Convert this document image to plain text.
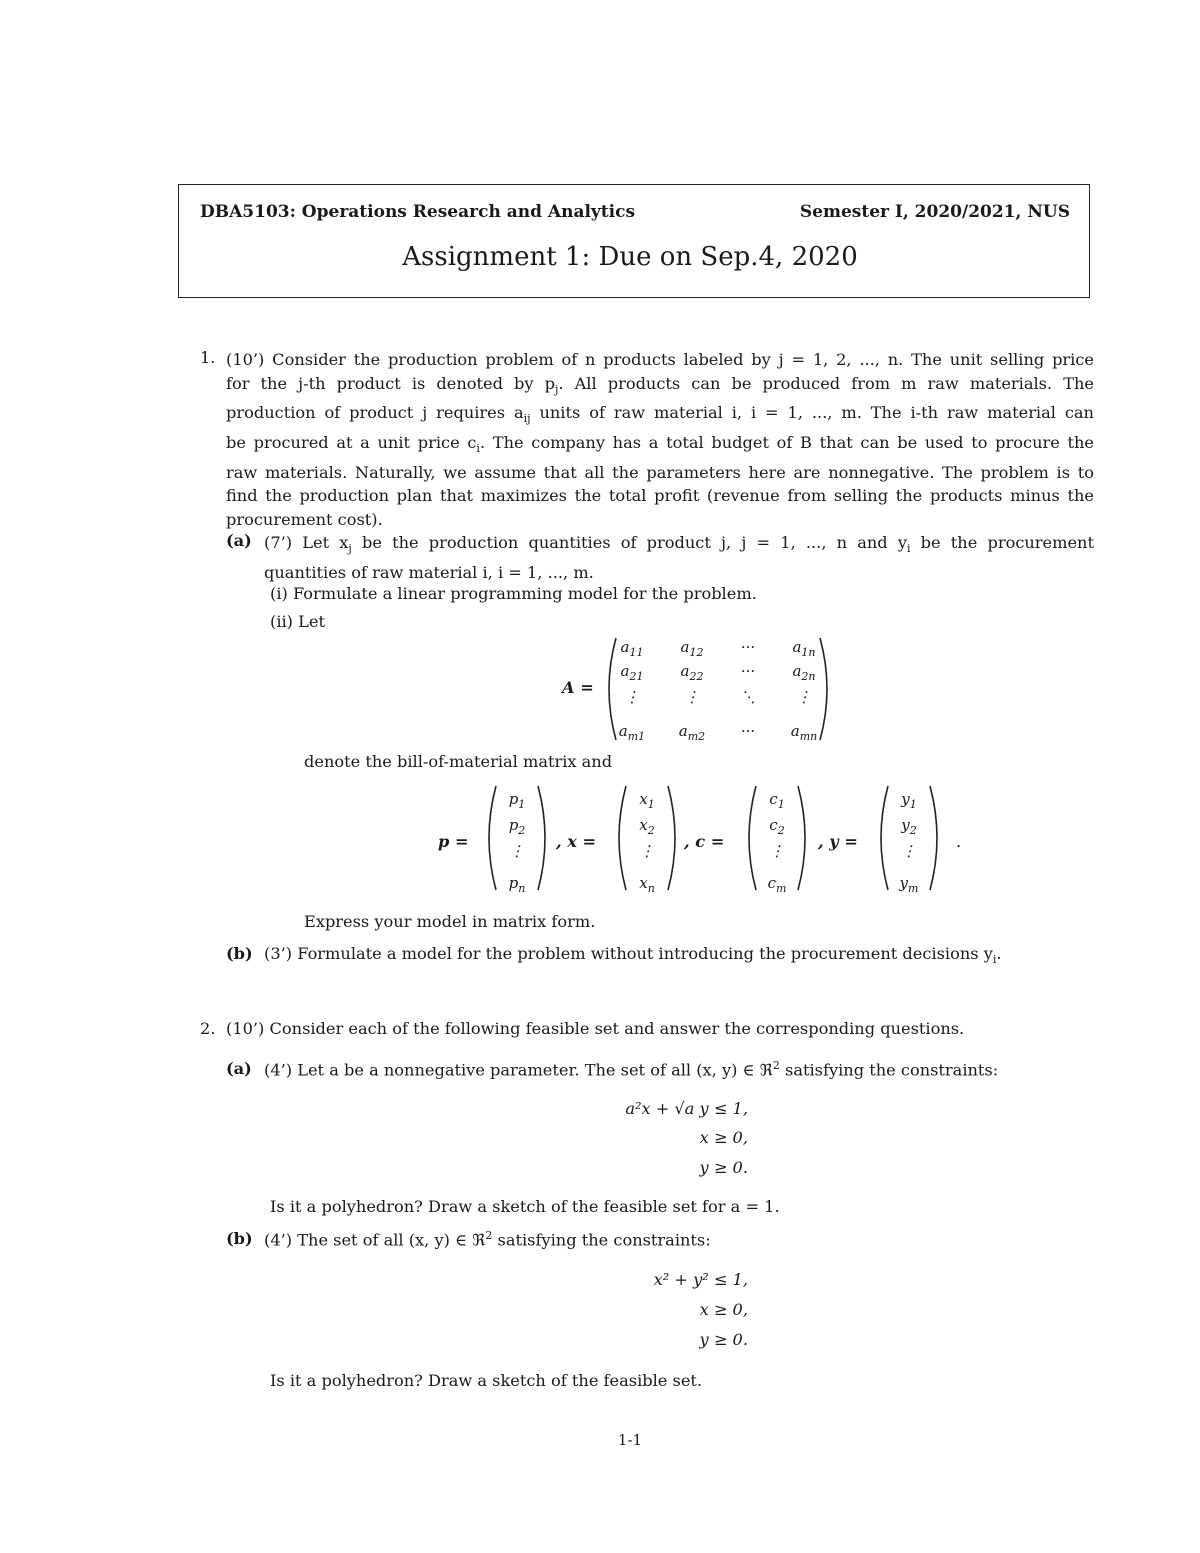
DBA5103: Operations Research and Analytics	Semester I, 2020/2021, NUS
Assignment 1: Due on Sep.4, 2020
1. (10’) Consider the production problem of n products labeled by j = 1, 2, ..., n. The unit selling price
for the j-th product is denoted by $p_j$. All products can be produced from m raw materials. The
production of product j requires $a_{ij}$ units of raw material i, i = 1, ..., m. The i-th raw material can
be procured at a unit price $c_i$. The company has a total budget of B that can be used to procure the
raw materials. Naturally, we assume that all the parameters here are nonnegative. The problem is to
find the production plan that maximizes the total profit (revenue from selling the products minus the
procurement cost).
(a) (7’) Let $x_j$ be the production quantities of product j, j = 1, ..., n and $y_i$ be the procurement
quantities of raw material i, i = 1, ..., m.
(i) Formulate a linear programming model for the problem.
(ii) Let
A =
$a_{11}$	$a_{12}$	···	$a_{1n}$
$a_{21}$	$a_{22}$	···	$a_{2n}$
⋮	⋮	⋱	⋮
$a_{m1}$	$a_{m2}$	···	$a_{mn}$
denote the bill-of-material matrix and
p =
$p_1$
$p_2$
⋮
$p_n$
, x =
$x_1$
$x_2$
⋮
$x_n$
, c =
$c_1$
$c_2$
⋮
$c_m$
, y =
$y_1$
$y_2$
⋮
$y_m$
.
Express your model in matrix form.
(b) (3’) Formulate a model for the problem without introducing the procurement decisions $y_i$.
2. (10’) Consider each of the following feasible set and answer the corresponding questions.
(a) (4’) Let a be a nonnegative parameter. The set of all (x, y) ∈ ℜ$^2$ satisfying the constraints:
a²x + √a y ≤ 1,
x ≥ 0,
y ≥ 0.
Is it a polyhedron? Draw a sketch of the feasible set for a = 1.
(b) (4’) The set of all (x, y) ∈ ℜ$^2$ satisfying the constraints:
x² + y² ≤ 1,
x ≥ 0,
y ≥ 0.
Is it a polyhedron? Draw a sketch of the feasible set.
1-1
